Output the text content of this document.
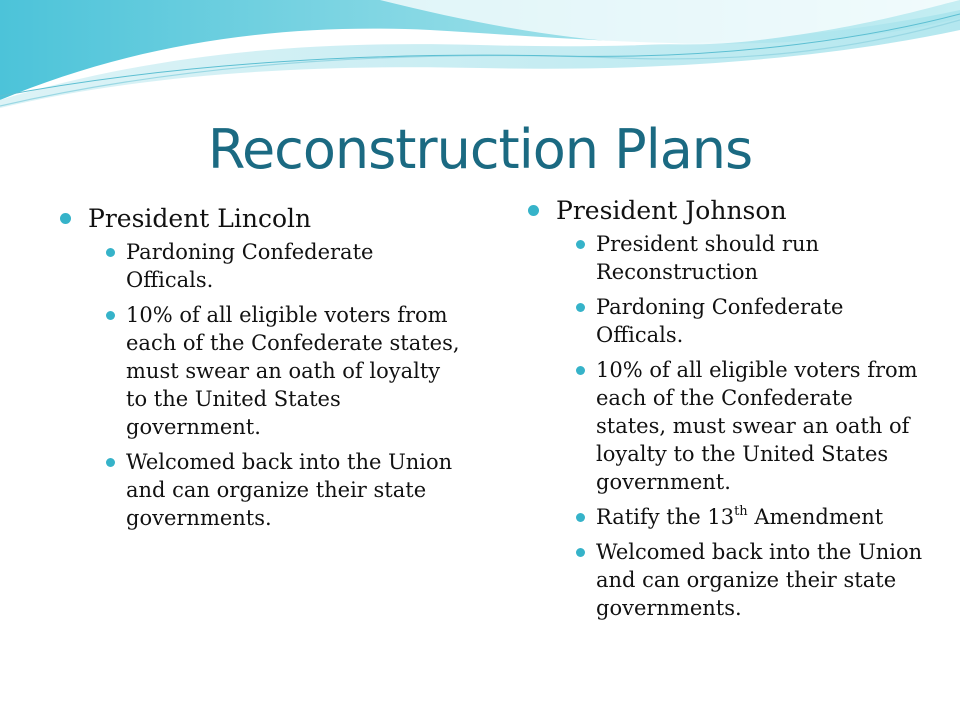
Reconstruction Plans
President Lincoln
Pardoning Confederate Officals.
10% of all eligible voters from each of the Confederate states, must swear an oath of loyalty to the United States government.
Welcomed back into the Union and can organize their state governments.
President Johnson
President should run Reconstruction
Pardoning Confederate Officals.
10% of all eligible voters from each of the Confederate states, must swear an oath of loyalty to the United States government.
Ratify the 13th Amendment
Welcomed back into the Union and can organize their state governments.
